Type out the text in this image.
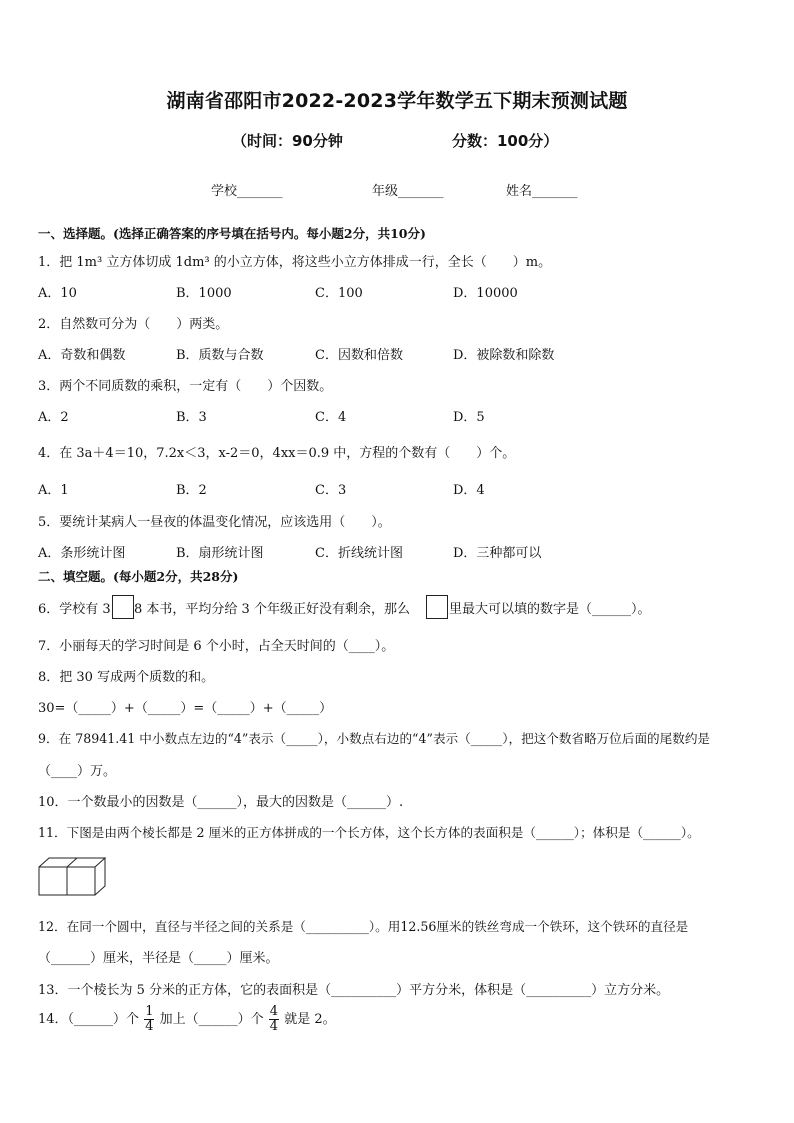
湖南省邵阳市2022-2023学年数学五下期末预测试题
（时间：90分钟	分数：100分）
学校_______	年级_______	姓名_______
一、选择题。(选择正确答案的序号填在括号内。每小题2分，共10分)
1．把 1m³ 立方体切成 1dm³ 的小立方体，将这些小立方体排成一行，全长（　　）m。
A．10	B．1000	C．100	D．10000
2．自然数可分为（　　）两类。
A．奇数和偶数	B．质数与合数	C．因数和倍数	D．被除数和除数
3．两个不同质数的乘积，一定有（　　）个因数。
A．2	B．3	C．4	D．5
4．在 3a＋4＝10，7.2x＜3，x-2＝0，4xx＝0.9 中，方程的个数有（　　）个。
A．1	B．2	C．3	D．4
5．要统计某病人一昼夜的体温变化情况，应该选用（　　）。
A．条形统计图	B．扇形统计图	C．折线统计图	D．三种都可以
二、填空题。(每小题2分，共28分)
6．学校有 3 8 本书，平均分给 3 个年级正好没有剩余，那么	里最大可以填的数字是（______）。
7．小丽每天的学习时间是 6 个小时，占全天时间的（____）。
8．把 30 写成两个质数的和。
30=（_____）+（_____）=（_____）+（_____）
9．在 78941.41 中小数点左边的“4”表示（_____），小数点右边的“4”表示（_____），把这个数省略万位后面的尾数约是
（____）万。
10．一个数最小的因数是（______），最大的因数是（______）.
11．下图是由两个棱长都是 2 厘米的正方体拼成的一个长方体，这个长方体的表面积是（______）；体积是（______）。
12．在同一个圆中，直径与半径之间的关系是（__________）。用12.56厘米的铁丝弯成一个铁环，这个铁环的直径是
（______）厘米，半径是（_____）厘米。
13．一个棱长为 5 分米的正方体，它的表面积是（__________）平方分米，体积是（__________）立方分米。
14．（______）个 $\frac{1}{4}$ 加上（______）个 $\frac{4}{4}$ 就是 2。
